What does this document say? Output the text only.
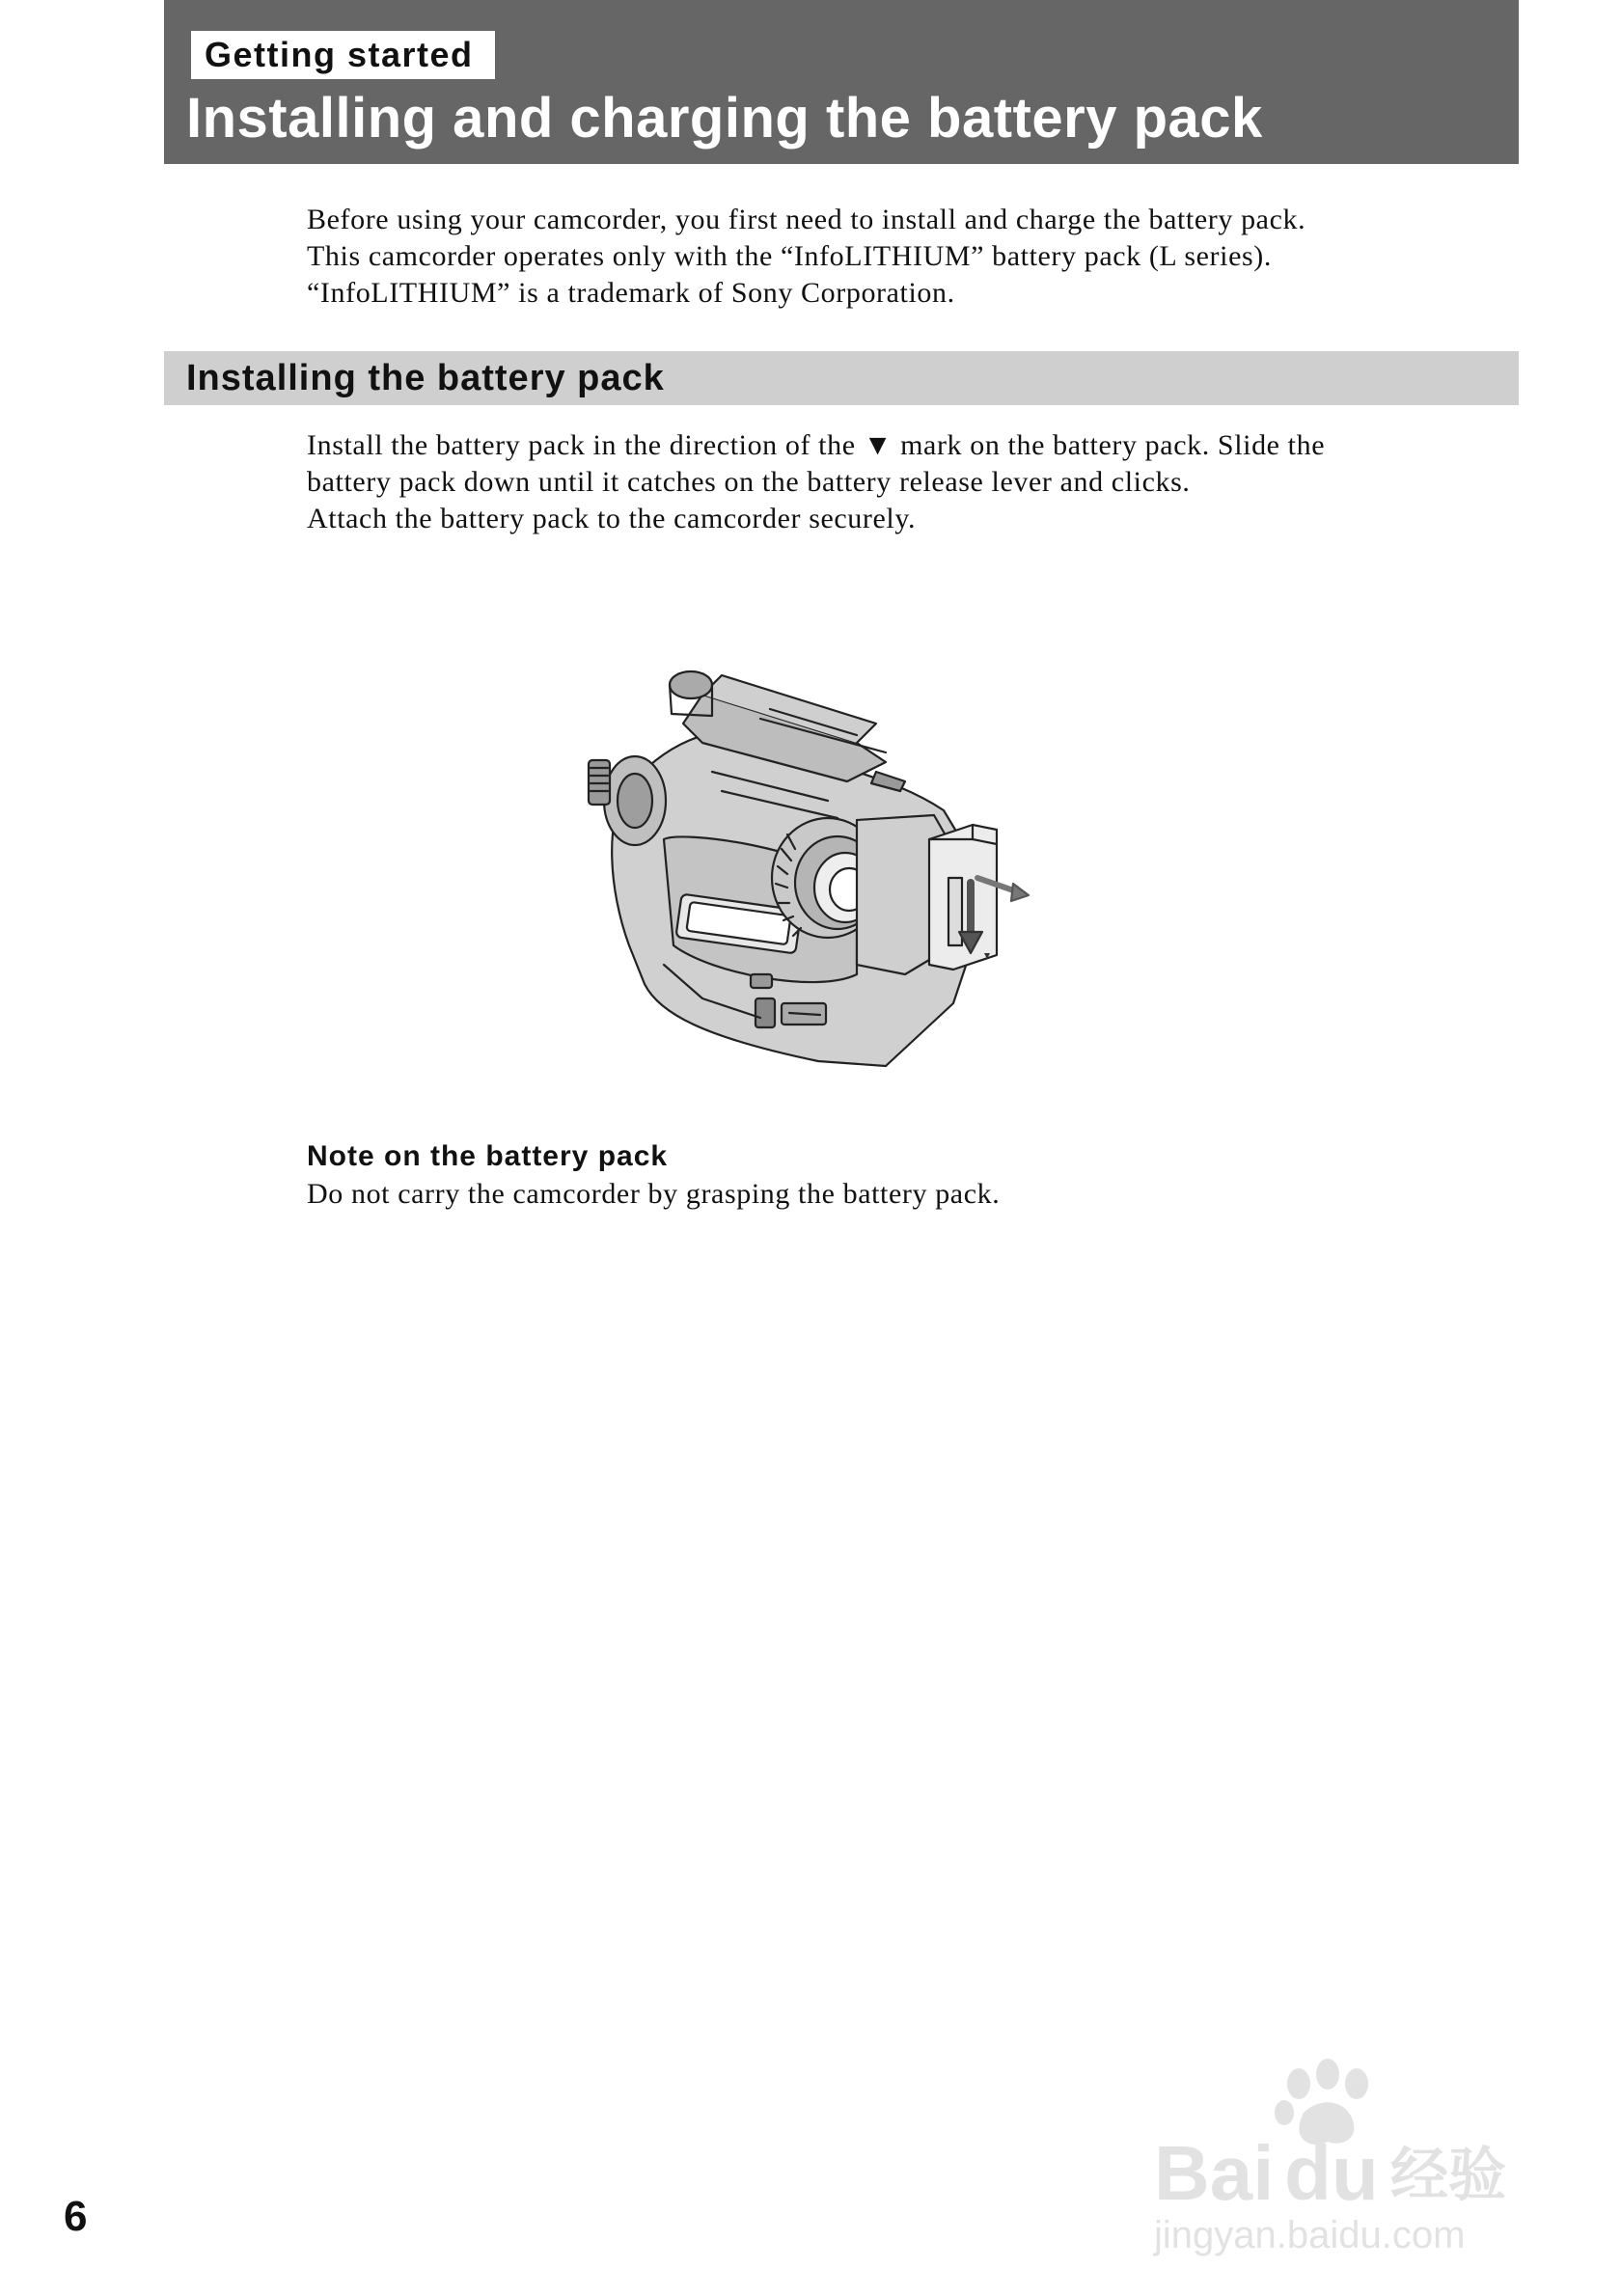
Getting started
Installing and charging the battery pack

Before using your camcorder, you first need to install and charge the battery pack.

This camcorder operates only with the “InfoLITHIUM” battery pack (L series).

“InfoLITHIUM” is a trademark of Sony Corporation.

Installing the battery pack

Install the battery pack in the direction of the ▼ mark on the battery pack. Slide the

battery pack down until it catches on the battery release lever and clicks.

Attach the battery pack to the camcorder securely.

Note on the battery pack

Do not carry the camcorder by grasping the battery pack.

6
Bai du 经验
jingyan.baidu.com
